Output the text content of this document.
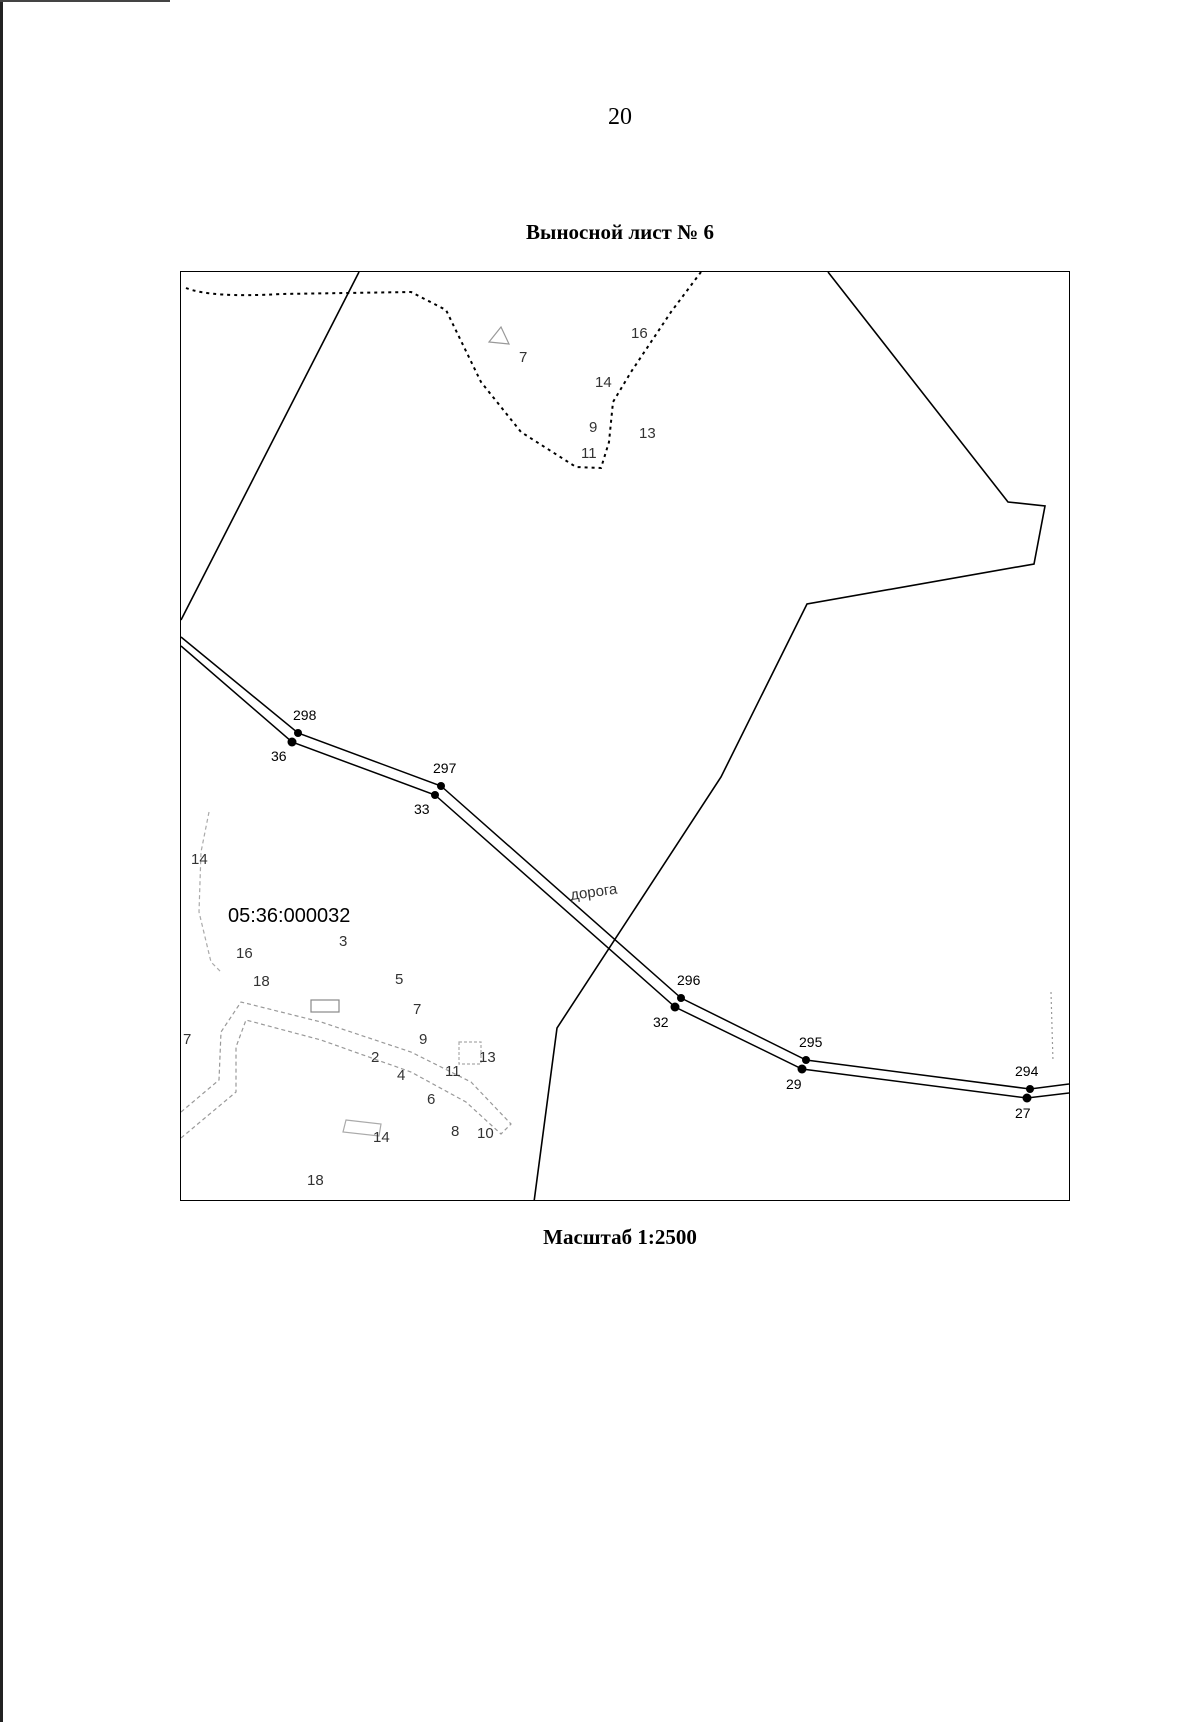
20
Выносной лист № 6
298
36
297
33
296
32
295
29
294
27
05:36:000032
дорога
16
7
14
9	13
11
14
3
16
18	5
7
9
2
4	11
13
6
8 10
14
18
7
Масштаб 1:2500
